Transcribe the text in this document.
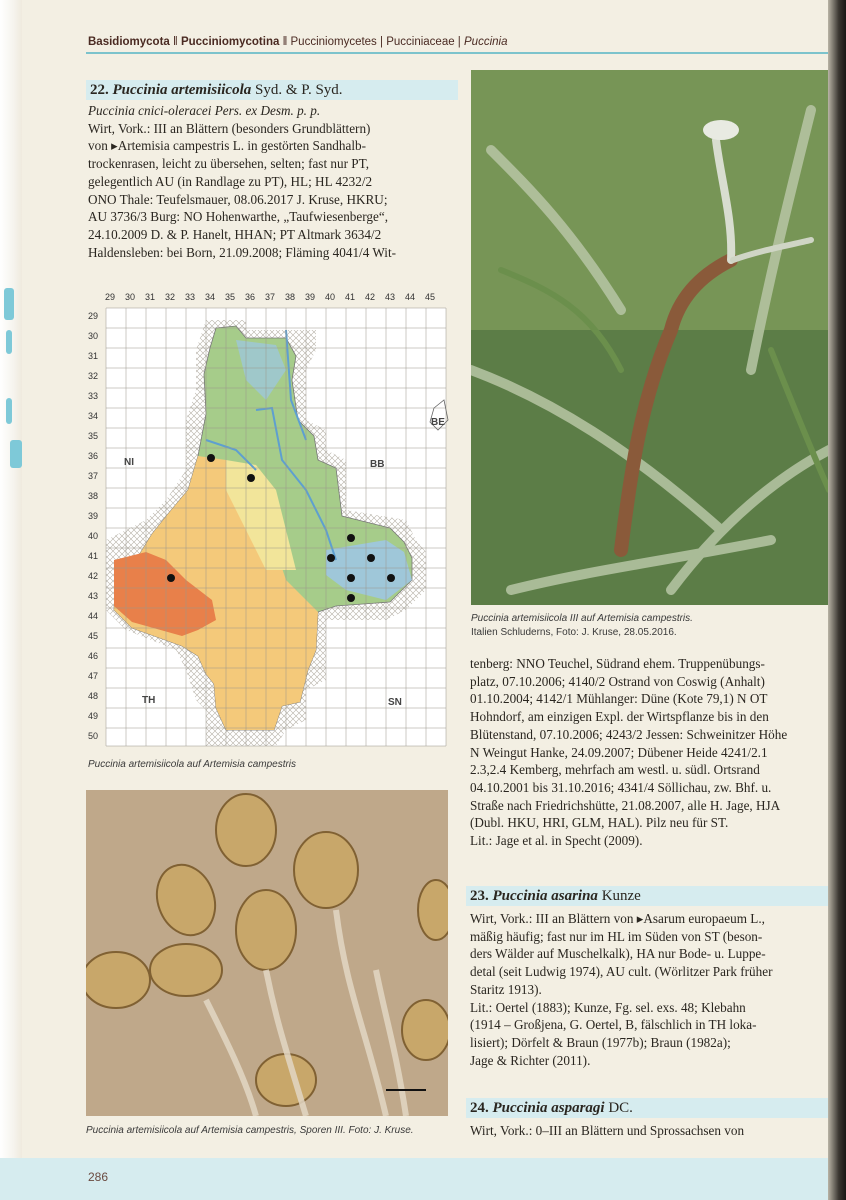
Basidiomycota ‖ Pucciniomycotina ‖ Pucciniomycetes | Pucciniaceae | Puccinia
22. Puccinia artemisiicola Syd. & P. Syd.
Puccinia cnici-oleracei Pers. ex Desm. p. p.
Wirt, Vork.: III an Blättern (besonders Grundblättern)
von ▸Artemisia campestris L. in gestörten Sandhalb-
trockenrasen, leicht zu übersehen, selten; fast nur PT,
gelegentlich AU (in Randlage zu PT), HL; HL 4232/2
ONO Thale: Teufelsmauer, 08.06.2017 J. Kruse, HKRU;
AU 3736/3 Burg: NO Hohenwarthe, „Taufwiesenberge“,
24.10.2009 D. & P. Hanelt, HHAN; PT Altmark 3634/2
Haldensleben: bei Born, 21.09.2008; Fläming 4041/4 Wit-
29 30 31 32 33 34 35 36 37 38 39 40 41 42 43 44 45
29
30
31
32
33
34
35
36
37
38
39
40
41
42
43
44
45
46
47
48
49
50
NI	BB
BE
TH	SN
Puccinia artemisiicola auf Artemisia campestris
Puccinia artemisiicola auf Artemisia campestris, Sporen III. Foto: J. Kruse.
Puccinia artemisiicola III auf Artemisia campestris.
Italien Schluderns, Foto: J. Kruse, 28.05.2016.
tenberg: NNO Teuchel, Südrand ehem. Truppenübungs-
platz, 07.10.2006; 4140/2 Ostrand von Coswig (Anhalt)
01.10.2004; 4142/1 Mühlanger: Düne (Kote 79,1) N OT
Hohndorf, am einzigen Expl. der Wirtspflanze bis in den
Blütenstand, 07.10.2006; 4243/2 Jessen: Schweinitzer Höhe
N Weingut Hanke, 24.09.2007; Dübener Heide 4241/2.1
2.3,2.4 Kemberg, mehrfach am westl. u. südl. Ortsrand
04.10.2001 bis 31.10.2016; 4341/4 Söllichau, zw. Bhf. u.
Straße nach Friedrichshütte, 21.08.2007, alle H. Jage, HJA
(Dubl. HKU, HRI, GLM, HAL). Pilz neu für ST.
Lit.: Jage et al. in Specht (2009).
23. Puccinia asarina Kunze
Wirt, Vork.: III an Blättern von ▸Asarum europaeum L.,
mäßig häufig; fast nur im HL im Süden von ST (beson-
ders Wälder auf Muschelkalk), HA nur Bode- u. Luppe-
detal (seit Ludwig 1974), AU cult. (Wörlitzer Park früher
Staritz 1913).
Lit.: Oertel (1883); Kunze, Fg. sel. exs. 48; Klebahn
(1914 – Großjena, G. Oertel, B, fälschlich in TH loka-
lisiert); Dörfelt & Braun (1977b); Braun (1982a);
Jage & Richter (2011).
24. Puccinia asparagi DC.
Wirt, Vork.: 0–III an Blättern und Sprossachsen von
286
